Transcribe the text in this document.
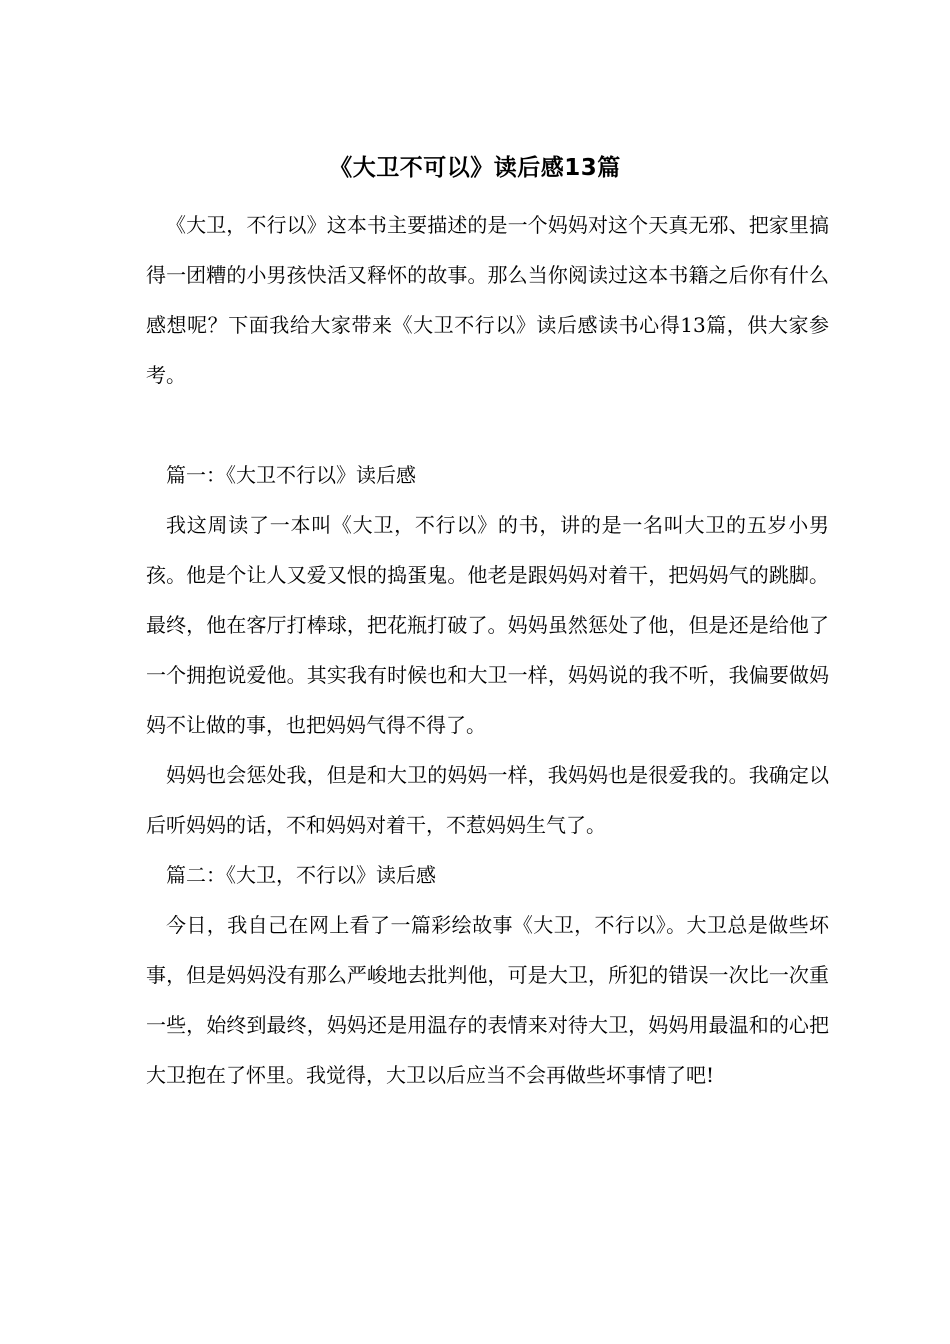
《大卫不可以》读后感13篇

《大卫，不行以》这本书主要描述的是一个妈妈对这个天真无邪、把家里搞得一团糟的小男孩快活又释怀的故事。那么当你阅读过这本书籍之后你有什么感想呢？下面我给大家带来《大卫不行以》读后感读书心得13篇，供大家参考。

篇一：《大卫不行以》读后感

我这周读了一本叫《大卫，不行以》的书，讲的是一名叫大卫的五岁小男孩。他是个让人又爱又恨的捣蛋鬼。他老是跟妈妈对着干，把妈妈气的跳脚。最终，他在客厅打棒球，把花瓶打破了。妈妈虽然惩处了他，但是还是给他了一个拥抱说爱他。其实我有时候也和大卫一样，妈妈说的我不听，我偏要做妈妈不让做的事，也把妈妈气得不得了。

妈妈也会惩处我，但是和大卫的妈妈一样，我妈妈也是很爱我的。我确定以后听妈妈的话，不和妈妈对着干，不惹妈妈生气了。

篇二：《大卫，不行以》读后感

今日，我自己在网上看了一篇彩绘故事《大卫，不行以》。大卫总是做些坏事，但是妈妈没有那么严峻地去批判他，可是大卫，所犯的错误一次比一次重一些，始终到最终，妈妈还是用温存的表情来对待大卫，妈妈用最温和的心把大卫抱在了怀里。我觉得，大卫以后应当不会再做些坏事情了吧!
